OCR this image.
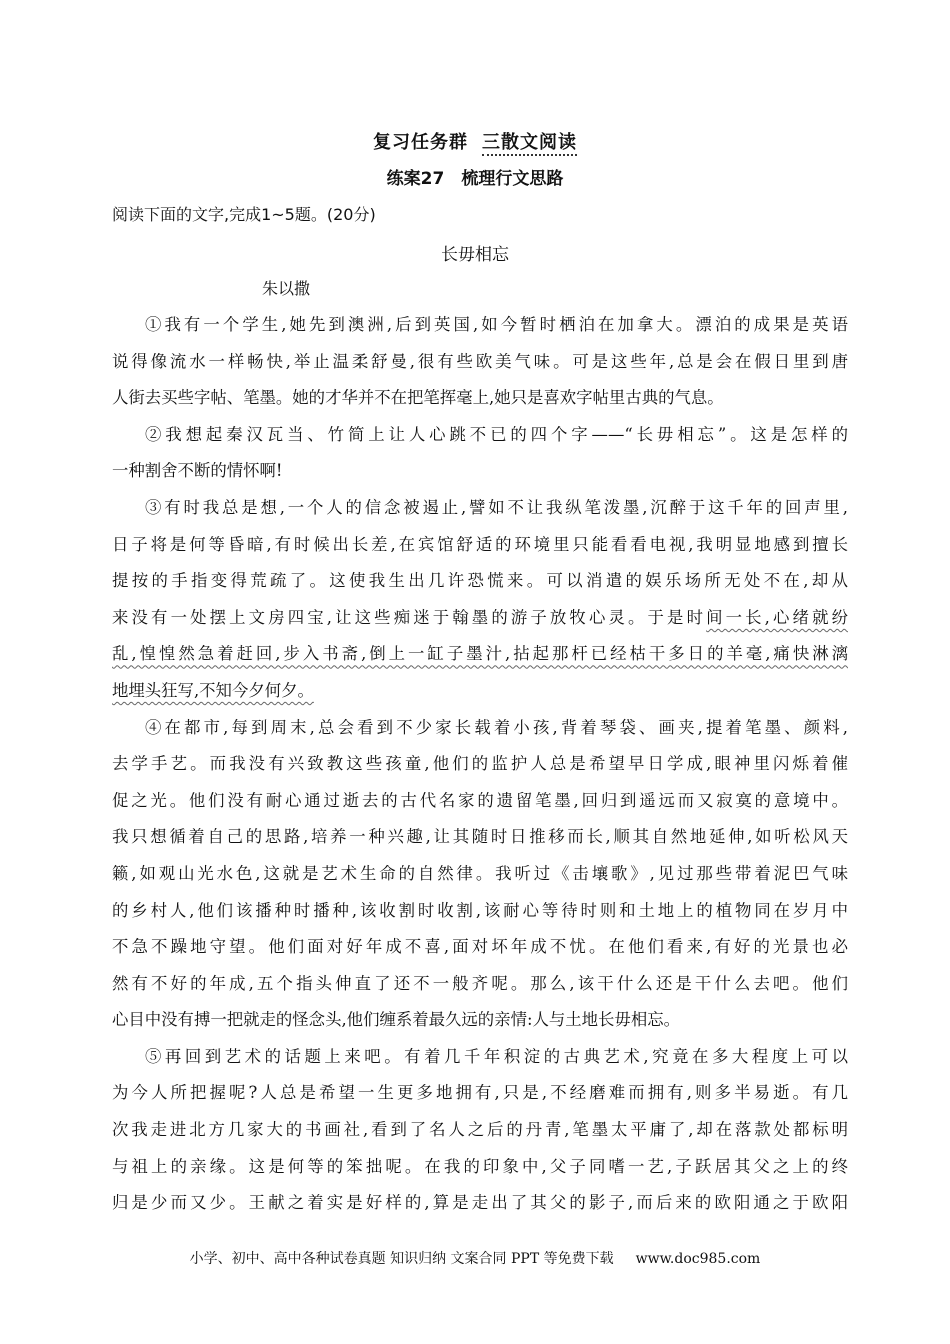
复习任务群 三散文阅读
练案27　梳理行文思路
阅读下面的文字,完成1~5题。(20分)
长毋相忘
朱以撒
①我有一个学生,她先到澳洲,后到英国,如今暂时栖泊在加拿大。漂泊的成果是英语
说得像流水一样畅快,举止温柔舒曼,很有些欧美气味。可是这些年,总是会在假日里到唐
人街去买些字帖、笔墨。她的才华并不在把笔挥毫上,她只是喜欢字帖里古典的气息。
②我想起秦汉瓦当、竹简上让人心跳不已的四个字——“长毋相忘”。这是怎样的
一种割舍不断的情怀啊!
③有时我总是想,一个人的信念被遏止,譬如不让我纵笔泼墨,沉醉于这千年的回声里,
日子将是何等昏暗,有时候出长差,在宾馆舒适的环境里只能看看电视,我明显地感到擅长
提按的手指变得荒疏了。这使我生出几许恐慌来。可以消遣的娱乐场所无处不在,却从
来没有一处摆上文房四宝,让这些痴迷于翰墨的游子放牧心灵。于是时间一长,心绪就纷
乱,惶惶然急着赶回,步入书斋,倒上一缸子墨汁,拈起那杆已经枯干多日的羊毫,痛快淋漓
地埋头狂写,不知今夕何夕。
④在都市,每到周末,总会看到不少家长载着小孩,背着琴袋、画夹,提着笔墨、颜料,
去学手艺。而我没有兴致教这些孩童,他们的监护人总是希望早日学成,眼神里闪烁着催
促之光。他们没有耐心通过逝去的古代名家的遗留笔墨,回归到遥远而又寂寞的意境中。
我只想循着自己的思路,培养一种兴趣,让其随时日推移而长,顺其自然地延伸,如听松风天
籁,如观山光水色,这就是艺术生命的自然律。我听过《击壤歌》,见过那些带着泥巴气味
的乡村人,他们该播种时播种,该收割时收割,该耐心等待时则和土地上的植物同在岁月中
不急不躁地守望。他们面对好年成不喜,面对坏年成不忧。在他们看来,有好的光景也必
然有不好的年成,五个指头伸直了还不一般齐呢。那么,该干什么还是干什么去吧。他们
心目中没有搏一把就走的怪念头,他们缠系着最久远的亲情:人与土地长毋相忘。
⑤再回到艺术的话题上来吧。有着几千年积淀的古典艺术,究竟在多大程度上可以
为今人所把握呢?人总是希望一生更多地拥有,只是,不经磨难而拥有,则多半易逝。有几
次我走进北方几家大的书画社,看到了名人之后的丹青,笔墨太平庸了,却在落款处都标明
与祖上的亲缘。这是何等的笨拙呢。在我的印象中,父子同嗜一艺,子跃居其父之上的终
归是少而又少。王献之着实是好样的,算是走出了其父的影子,而后来的欧阳通之于欧阳
小学、初中、高中各种试卷真题 知识归纳 文案合同 PPT 等免费下载 www.doc985.com
